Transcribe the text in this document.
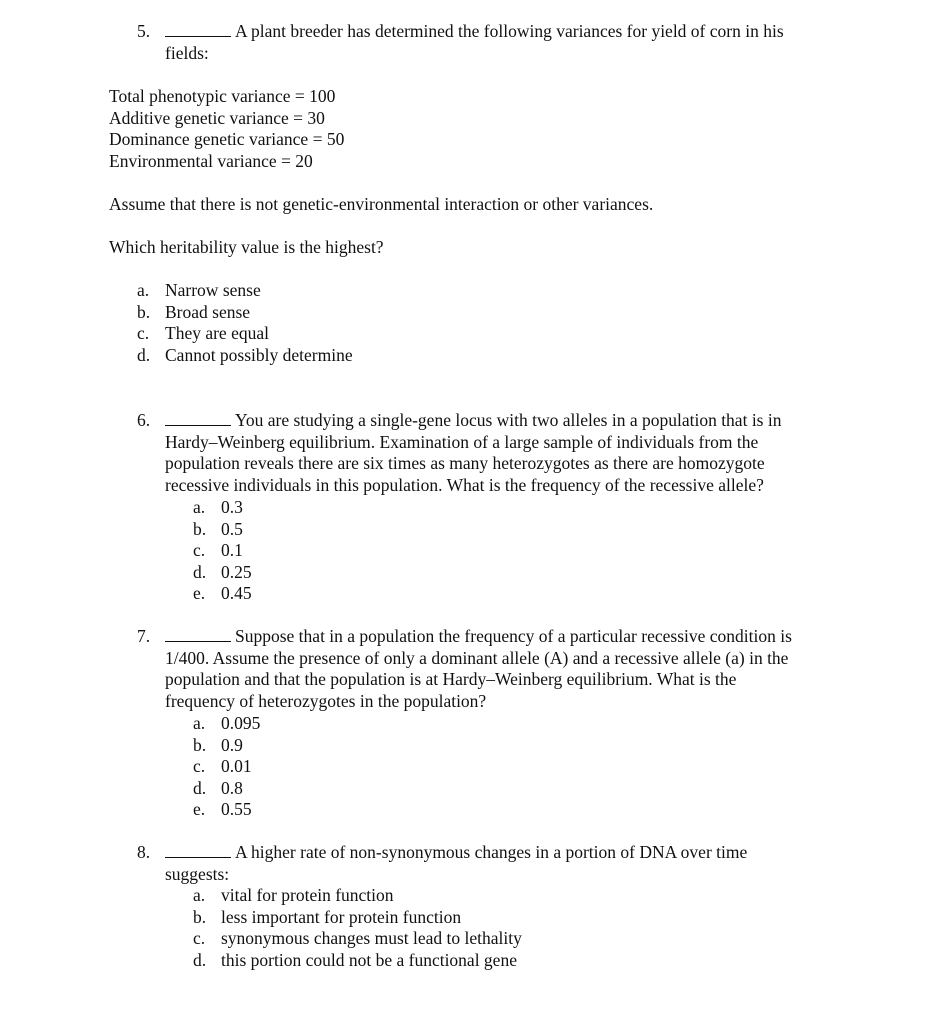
5.	A plant breeder has determined the following variances for yield of corn in his
fields:
Total phenotypic variance = 100
Additive genetic variance = 30
Dominance genetic variance = 50
Environmental variance = 20
Assume that there is not genetic-environmental interaction or other variances.
Which heritability value is the highest?
a. Narrow sense
b. Broad sense
c. They are equal
d. Cannot possibly determine
6.	You are studying a single-gene locus with two alleles in a population that is in
Hardy–Weinberg equilibrium. Examination of a large sample of individuals from the
population reveals there are six times as many heterozygotes as there are homozygote
recessive individuals in this population. What is the frequency of the recessive allele?
a. 0.3
b. 0.5
c. 0.1
d. 0.25
e. 0.45
7.	Suppose that in a population the frequency of a particular recessive condition is
1/400. Assume the presence of only a dominant allele (A) and a recessive allele (a) in the
population and that the population is at Hardy–Weinberg equilibrium. What is the
frequency of heterozygotes in the population?
a. 0.095
b. 0.9
c. 0.01
d. 0.8
e. 0.55
8.	A higher rate of non-synonymous changes in a portion of DNA over time
suggests:
a. vital for protein function
b. less important for protein function
c. synonymous changes must lead to lethality
d. this portion could not be a functional gene
